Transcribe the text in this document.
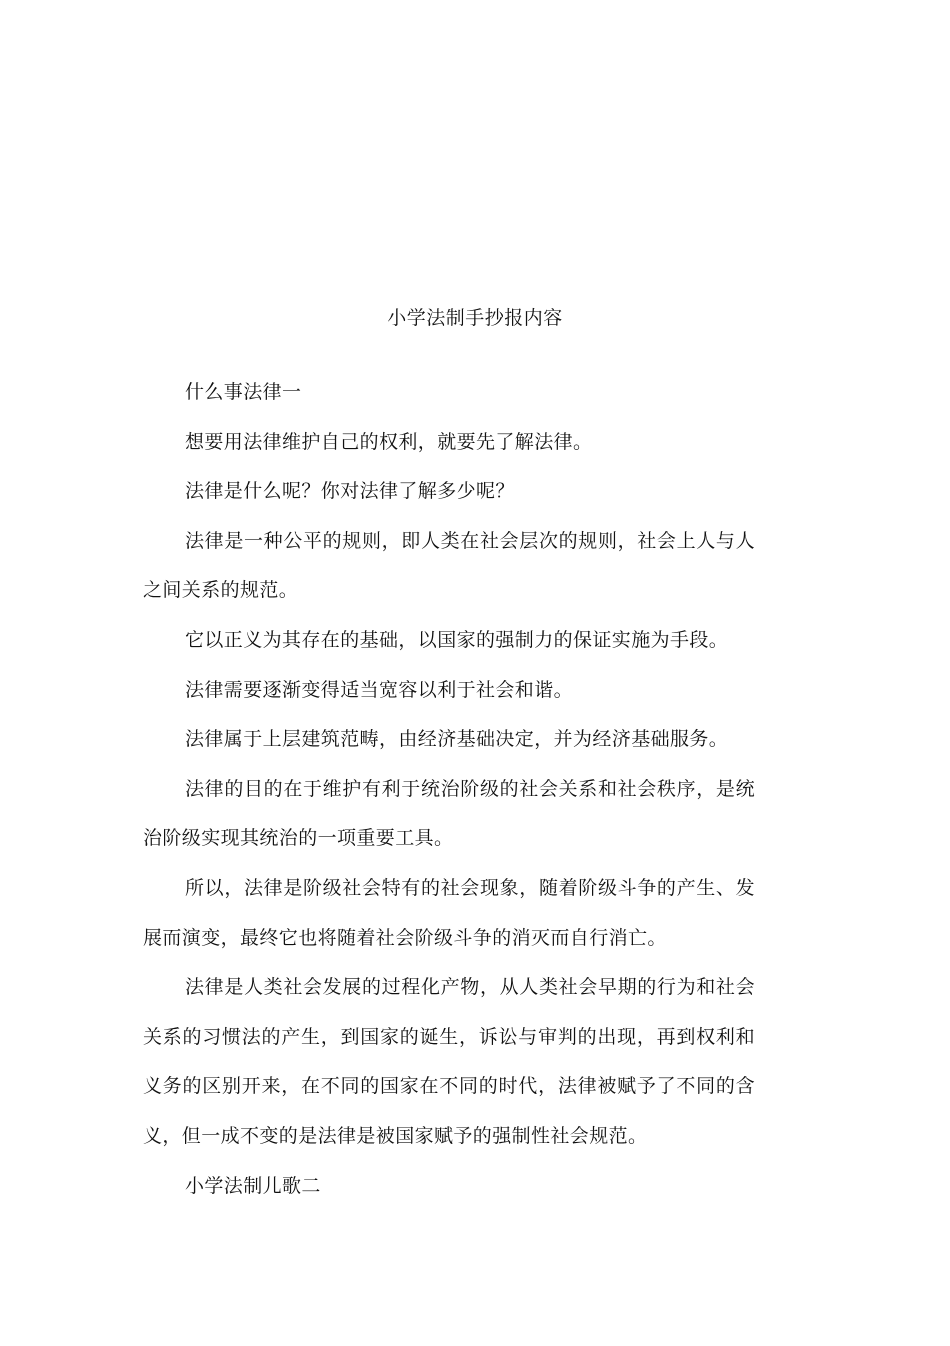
小学法制手抄报内容

什么事法律一

想要用法律维护自己的权利，就要先了解法律。

法律是什么呢？你对法律了解多少呢？

法律是一种公平的规则，即人类在社会层次的规则，社会上人与人之间关系的规范。

它以正义为其存在的基础，以国家的强制力的保证实施为手段。

法律需要逐渐变得适当宽容以利于社会和谐。

法律属于上层建筑范畴，由经济基础决定，并为经济基础服务。

法律的目的在于维护有利于统治阶级的社会关系和社会秩序，是统治阶级实现其统治的一项重要工具。

所以，法律是阶级社会特有的社会现象，随着阶级斗争的产生、发展而演变，最终它也将随着社会阶级斗争的消灭而自行消亡。

法律是人类社会发展的过程化产物，从人类社会早期的行为和社会关系的习惯法的产生，到国家的诞生，诉讼与审判的出现，再到权利和义务的区别开来，在不同的国家在不同的时代，法律被赋予了不同的含义，但一成不变的是法律是被国家赋予的强制性社会规范。

小学法制儿歌二
